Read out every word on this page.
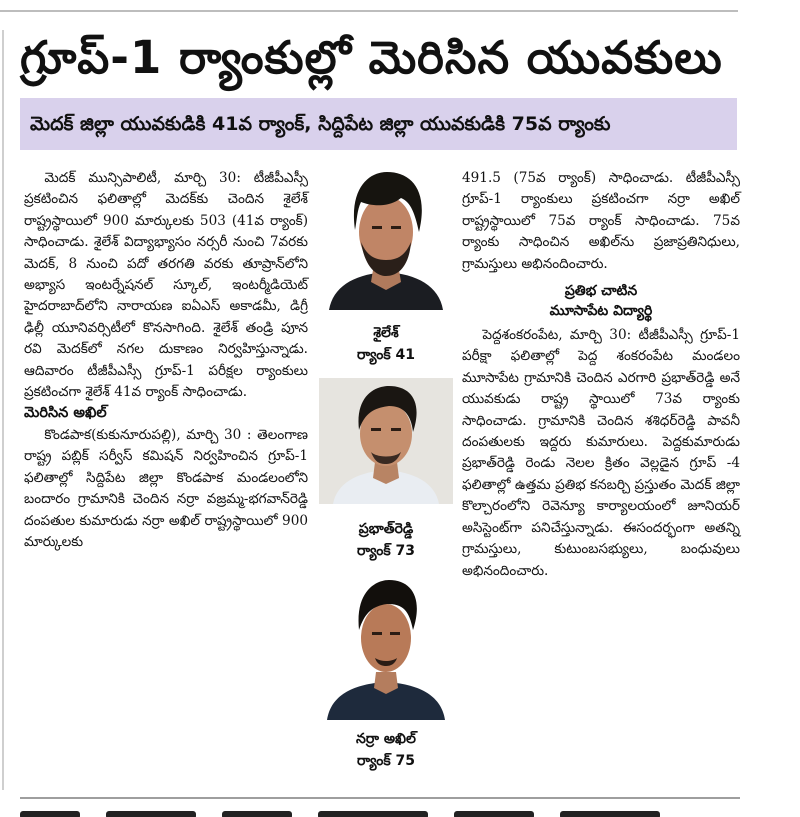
గ్రూప్-1 ర్యాంకుల్లో మెరిసిన యువకులు
మెదక్ జిల్లా యువకుడికి 41వ ర్యాంక్, సిద్దిపేట జిల్లా యువకుడికి 75వ ర్యాంకు

మెదక్ మున్సిపాలిటీ, మార్చి 30: టీజీపీఎస్సీ ప్రకటించిన ఫలితాల్లో మెదక్‌కు చెందిన శైలేశ్ రాష్ట్రస్థాయిలో 900 మార్కులకు 503 (41వ ర్యాంక్) సాధించాడు. శైలేశ్ విద్యాభ్యాసం నర్సరీ నుంచి 7వరకు మెదక్, 8 నుంచి పదో తరగతి వరకు తూప్రాన్‌లోని అభ్యాస ఇంటర్నేషనల్ స్కూల్, ఇంటర్మీడియెట్ హైదరాబాద్‌లోని నారాయణ ఐఏఎస్ అకాడమీ, డిగ్రీ ఢిల్లీ యూనివర్సిటీలో కొనసాగింది. శైలేశ్ తండ్రి పూన రవి మెదక్‌లో నగల దుకాణం నిర్వహిస్తున్నాడు. ఆదివారం టీజీపీఎస్సీ గ్రూప్-1 పరీక్షల ర్యాంకులు ప్రకటించగా శైలేశ్ 41వ ర్యాంక్ సాధించాడు.

మెరిసిన అఖిల్

కొండపాక(కుకునూరుపల్లి), మార్చి 30 : తెలంగాణ రాష్ట్ర పబ్లిక్ సర్వీస్ కమిషన్ నిర్వహించిన గ్రూప్-1 ఫలితాల్లో సిద్దిపేట జిల్లా కొండపాక మండలంలోని బందారం గ్రామానికి చెందిన నర్రా వజ్రమ్మ-భగవాన్‌రెడ్డి దంపతుల కుమారుడు నర్రా అఖిల్ రాష్ట్రస్థాయిలో 900 మార్కులకు

శైలేశ్
ర్యాంక్ 41
ప్రభాత్‌రెడ్డి
ర్యాంక్ 73
నర్రా అఖిల్
ర్యాంక్ 75

491.5 (75వ ర్యాంక్) సాధించాడు. టీజీపీఎస్సీ గ్రూప్-1 ర్యాంకులు ప్రకటించగా నర్రా అఖిల్ రాష్ట్రస్థాయిలో 75వ ర్యాంక్ సాధించాడు. 75వ ర్యాంకు సాధించిన అఖిల్‌ను ప్రజాప్రతినిధులు, గ్రామస్తులు అభినందించారు.

ప్రతిభ చాటిన
మూసాపేట విద్యార్థి

పెద్దశంకరంపేట, మార్చి 30: టీజీపీఎస్సీ గ్రూప్-1 పరీక్షా ఫలితాల్లో పెద్ద శంకరంపేట మండలం మూసాపేట గ్రామానికి చెందిన ఎరగారి ప్రభాత్‌రెడ్డి అనే యువకుడు రాష్ట్ర స్థాయిలో 73వ ర్యాంకు సాధించాడు. గ్రామానికి చెందిన శశిధర్‌రెడ్డి పావనీ దంపతులకు ఇద్దరు కుమారులు. పెద్దకుమారుడు ప్రభాత్‌రెడ్డి రెండు నెలల క్రితం వెల్లడైన గ్రూప్ -4 ఫలితాల్లో ఉత్తమ ప్రతిభ కనబర్చి ప్రస్తుతం మెదక్ జిల్లా కొల్చారంలోని రెవెన్యూ కార్యాలయంలో జూనియర్ అసిస్టెంట్‌గా పనిచేస్తున్నాడు. ఈసందర్భంగా అతన్ని గ్రామస్తులు, కుటుంబసభ్యులు, బంధువులు అభినందించారు.
